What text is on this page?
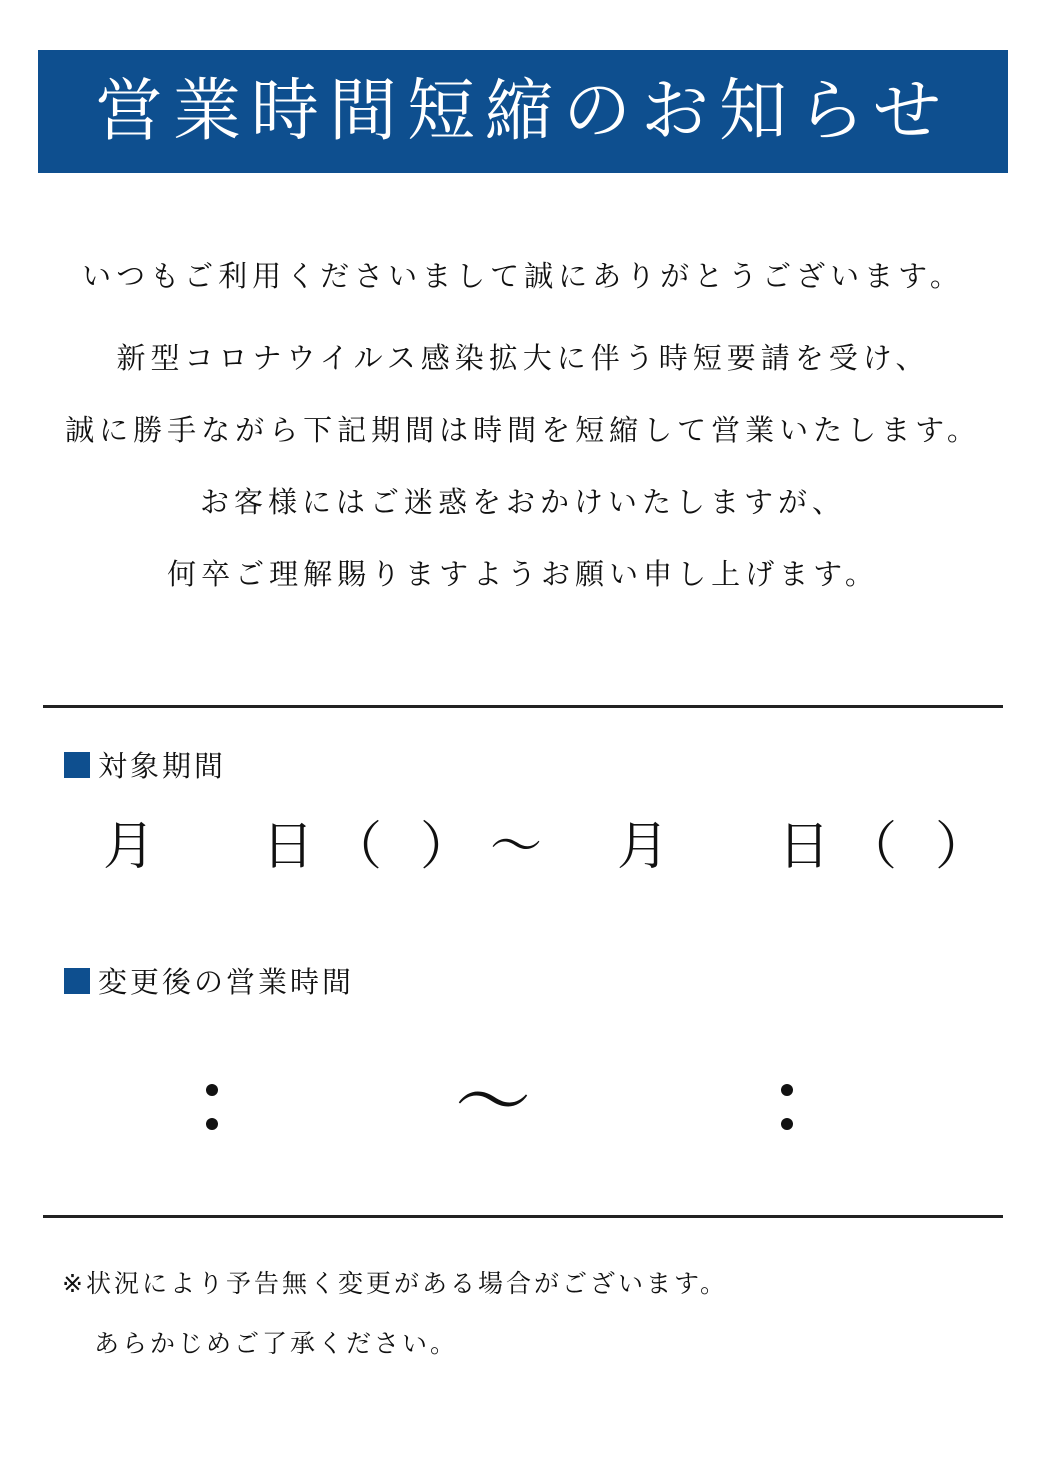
営業時間短縮のお知らせ
いつもご利用くださいまして誠にありがとうございます。
新型コロナウイルス感染拡大に伴う時短要請を受け、
誠に勝手ながら下記期間は時間を短縮して営業いたします。
お客様にはご迷惑をおかけいたしますが、
何卒ご理解賜りますようお願い申し上げます。
対象期間
月 日 （ ） ～ 月 日 （ ）
変更後の営業時間
〜
※状況により予告無く変更がある場合がございます。
あらかじめご了承ください。
